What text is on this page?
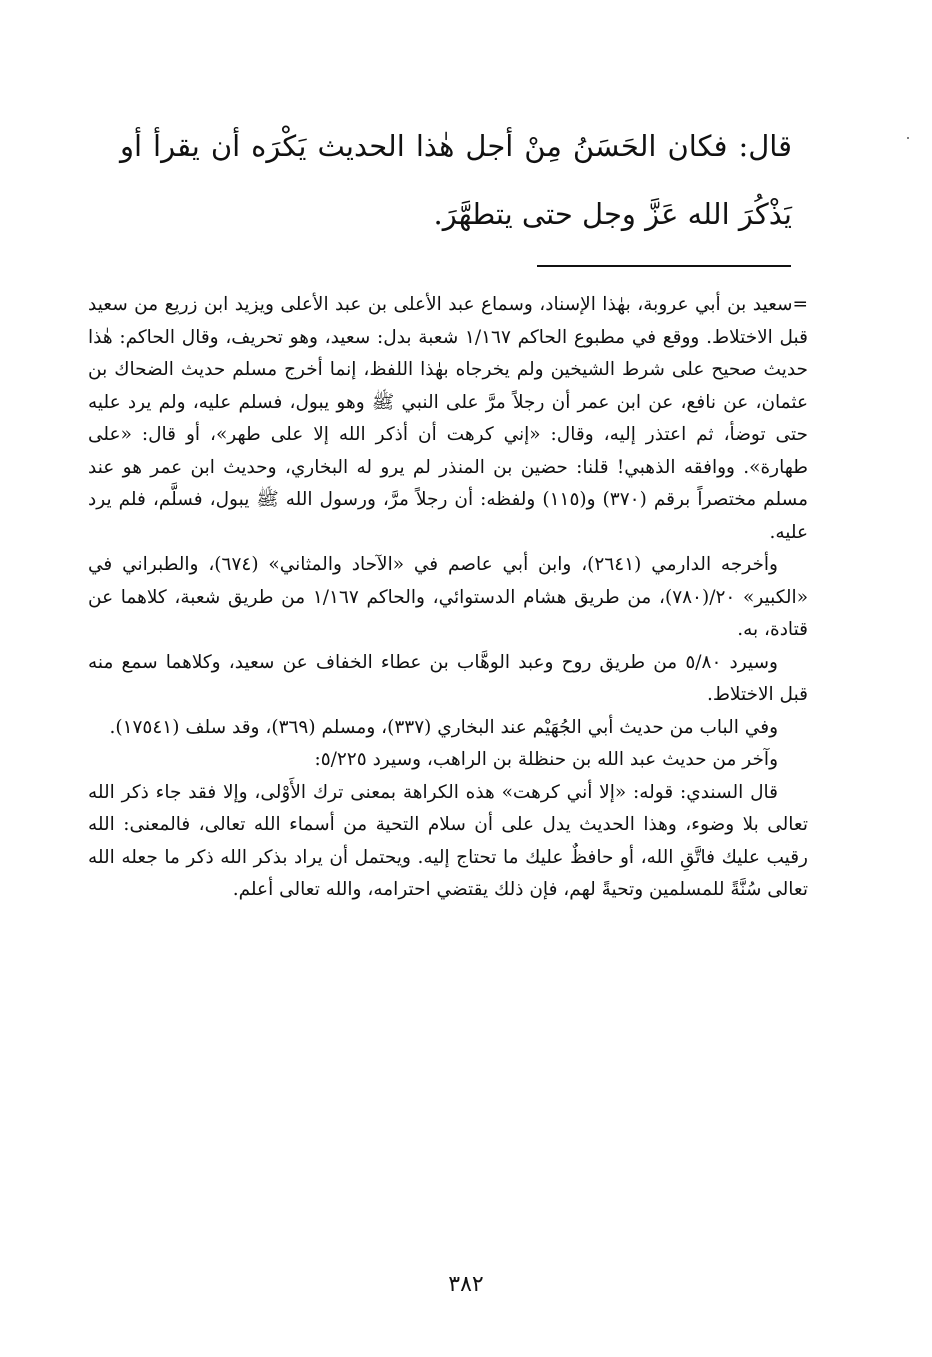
قال: فكان الحَسَنُ مِنْ أجل هٰذا الحديث يَكْرَه أن يقرأ أو يَذْكُرَ الله عَزَّ وجل حتى يتطهَّرَ.

=سعيد بن أبي عروبة، بهٰذا الإسناد، وسماع عبد الأعلى بن عبد الأعلى ويزيد ابن زريع من سعيد قبل الاختلاط. ووقع في مطبوع الحاكم ١/١٦٧ شعبة بدل: سعيد، وهو تحريف، وقال الحاكم: هٰذا حديث صحيح على شرط الشيخين ولم يخرجاه بهٰذا اللفظ، إنما أخرج مسلم حديث الضحاك بن عثمان، عن نافع، عن ابن عمر أن رجلاً مرَّ على النبي ﷺ وهو يبول، فسلم عليه، ولم يرد عليه حتى توضأ، ثم اعتذر إليه، وقال: «إني كرهت أن أذكر الله إلا على طهر»، أو قال: «على طهارة». ووافقه الذهبي! قلنا: حضين بن المنذر لم يرو له البخاري، وحديث ابن عمر هو عند مسلم مختصراً برقم (٣٧٠) و(١١٥) ولفظه: أن رجلاً مرَّ، ورسول الله ﷺ يبول، فسلَّم، فلم يرد عليه.

وأخرجه الدارمي (٢٦٤١)، وابن أبي عاصم في «الآحاد والمثاني» (٦٧٤)، والطبراني في «الكبير» ٢٠/(٧٨٠)، من طريق هشام الدستوائي، والحاكم ١/١٦٧ من طريق شعبة، كلاهما عن قتادة، به.

وسيرد ٥/٨٠ من طريق روح وعبد الوهَّاب بن عطاء الخفاف عن سعيد، وكلاهما سمع منه قبل الاختلاط.

وفي الباب من حديث أبي الجُهَيْم عند البخاري (٣٣٧)، ومسلم (٣٦٩)، وقد سلف (١٧٥٤١).

وآخر من حديث عبد الله بن حنظلة بن الراهب، وسيرد ٥/٢٢٥:

قال السندي: قوله: «إلا أني كرهت» هذه الكراهة بمعنى ترك الأَوْلى، وإلا فقد جاء ذكر الله تعالى بلا وضوء، وهذا الحديث يدل على أن سلام التحية من أسماء الله تعالى، فالمعنى: الله رقيب عليك فاتَّقِ الله، أو حافظٌ عليك ما تحتاج إليه. ويحتمل أن يراد بذكر الله ذكر ما جعله الله تعالى سُنَّةً للمسلمين وتحيةً لهم، فإن ذلك يقتضي احترامه، والله تعالى أعلم.

٣٨٢
